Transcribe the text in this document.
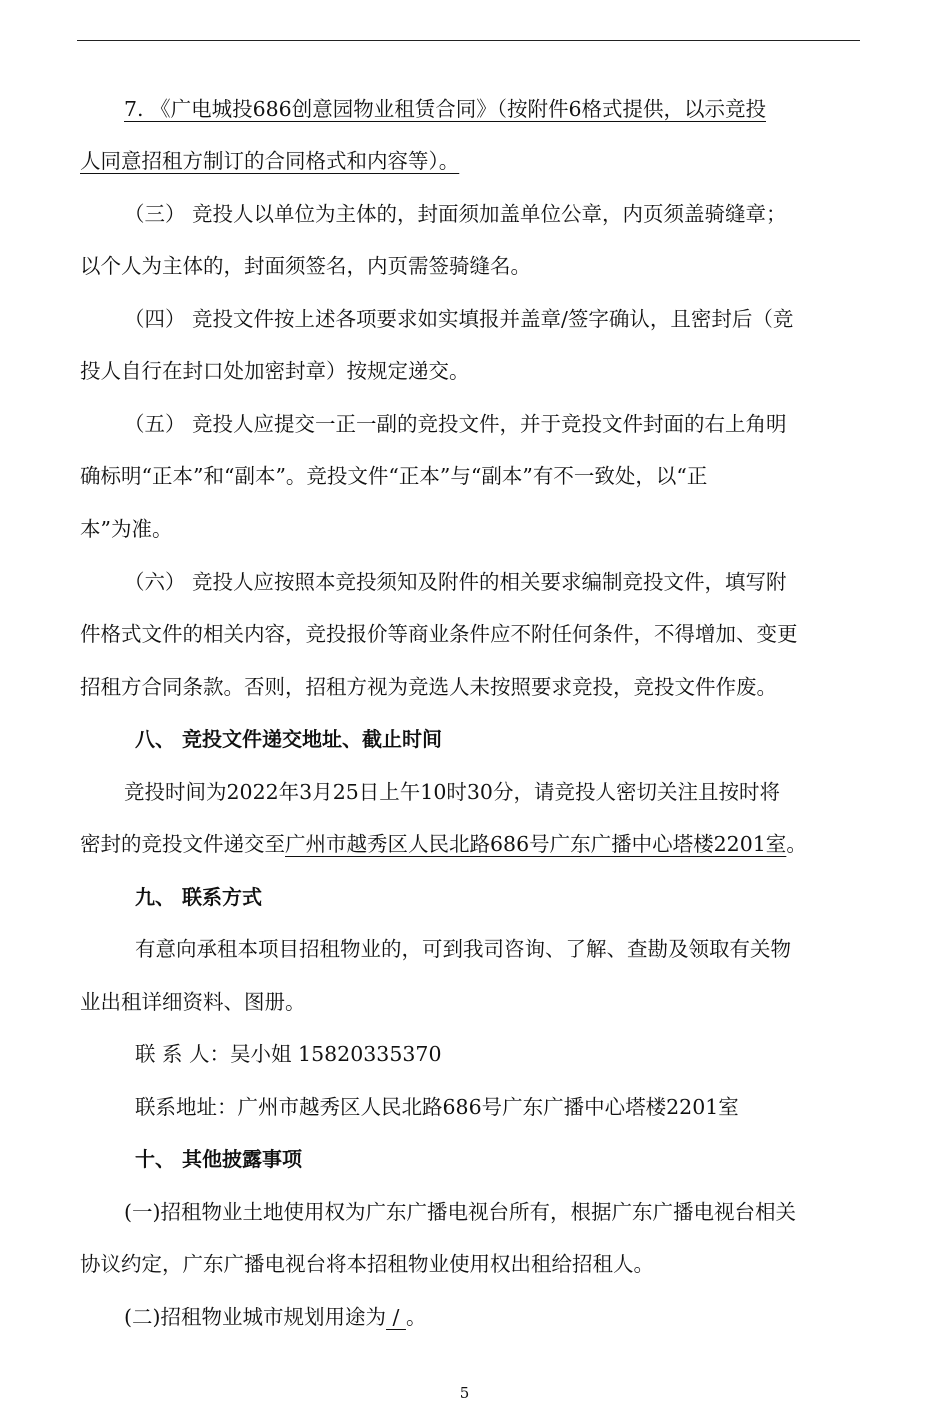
7. 《广电城投686创意园物业租赁合同》（按附件6格式提供，以示竞投
人同意招租方制订的合同格式和内容等）。
（三） 竞投人以单位为主体的，封面须加盖单位公章，内页须盖骑缝章；
以个人为主体的，封面须签名，内页需签骑缝名。
（四） 竞投文件按上述各项要求如实填报并盖章/签字确认，且密封后（竞
投人自行在封口处加密封章）按规定递交。
（五） 竞投人应提交一正一副的竞投文件，并于竞投文件封面的右上角明
确标明“正本”和“副本”。竞投文件“正本”与“副本”有不一致处，以“正
本”为准。
（六） 竞投人应按照本竞投须知及附件的相关要求编制竞投文件，填写附
件格式文件的相关内容，竞投报价等商业条件应不附任何条件，不得增加、变更
招租方合同条款。否则，招租方视为竞选人未按照要求竞投，竞投文件作废。
八、 竞投文件递交地址、截止时间
竞投时间为2022年3月25日上午10时30分，请竞投人密切关注且按时将
密封的竞投文件递交至广州市越秀区人民北路686号广东广播中心塔楼2201室。
九、 联系方式
有意向承租本项目招租物业的，可到我司咨询、了解、查勘及领取有关物
业出租详细资料、图册。
联 系 人：吴小姐 15820335370
联系地址：广州市越秀区人民北路686号广东广播中心塔楼2201室
十、 其他披露事项
(一)招租物业土地使用权为广东广播电视台所有，根据广东广播电视台相关
协议约定，广东广播电视台将本招租物业使用权出租给招租人。
(二)招租物业城市规划用途为 / 。
5
